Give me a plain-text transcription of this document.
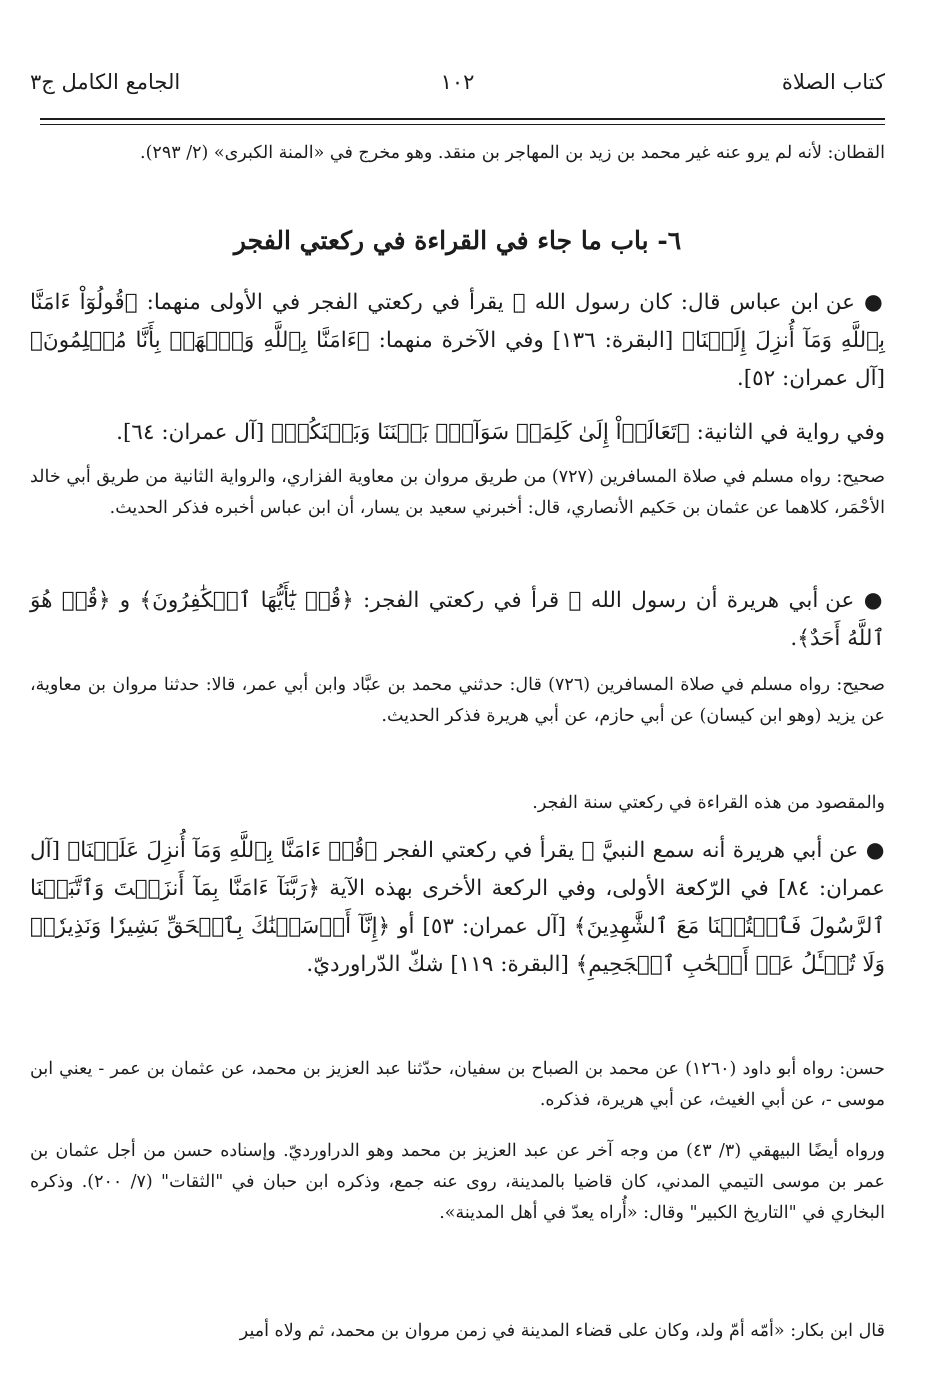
كتاب الصلاة
١٠٢
الجامع الكامل ج٣
القطان: لأنه لم يرو عنه غير محمد بن زيد بن المهاجر بن منقد. وهو مخرج في «المنة الكبرى» (٢/ ٢٩٣).
٦- باب ما جاء في القراءة في ركعتي الفجر
● عن ابن عباس قال: كان رسول الله ﷺ يقرأ في ركعتي الفجر في الأولى منهما: ﴿قُولُوٓاْ ءَامَنَّا بِٱللَّهِ وَمَآ أُنزِلَ إِلَيۡنَا﴾ [البقرة: ١٣٦] وفي الآخرة منهما: ﴿ءَامَنَّا بِٱللَّهِ وَٱشۡهَدۡ بِأَنَّا مُسۡلِمُونَ﴾ [آل عمران: ٥٢].
وفي رواية في الثانية: ﴿تَعَالَوۡاْ إِلَىٰ كَلِمَةٖ سَوَآءِۭ بَيۡنَنَا وَبَيۡنَكُمۡ﴾ [آل عمران: ٦٤].
صحيح: رواه مسلم في صلاة المسافرين (٧٢٧) من طريق مروان بن معاوية الفزاري، والرواية الثانية من طريق أبي خالد الأحْمَر، كلاهما عن عثمان بن حَكيم الأنصاري، قال: أخبرني سعيد بن يسار، أن ابن عباس أخبره فذكر الحديث.
● عن أبي هريرة أن رسول الله ﷺ قرأ في ركعتي الفجر: ﴿قُلۡ يَٰٓأَيُّهَا ٱلۡكَٰفِرُونَ﴾ و ﴿قُلۡ هُوَ ٱللَّهُ أَحَدٌ﴾.
صحيح: رواه مسلم في صلاة المسافرين (٧٢٦) قال: حدثني محمد بن عبَّاد وابن أبي عمر، قالا: حدثنا مروان بن معاوية، عن يزيد (وهو ابن كيسان) عن أبي حازم، عن أبي هريرة فذكر الحديث.
والمقصود من هذه القراءة في ركعتي سنة الفجر.
● عن أبي هريرة أنه سمع النبيَّ ﷺ يقرأ في ركعتي الفجر ﴿قُلۡ ءَامَنَّا بِٱللَّهِ وَمَآ أُنزِلَ عَلَيۡنَا﴾ [آل عمران: ٨٤] في الرّكعة الأولى، وفي الركعة الأخرى بهذه الآية ﴿رَبَّنَآ ءَامَنَّا بِمَآ أَنزَلۡتَ وَٱتَّبَعۡنَا ٱلرَّسُولَ فَٱكۡتُبۡنَا مَعَ ٱلشَّٰهِدِينَ﴾ [آل عمران: ٥٣] أو ﴿إِنَّآ أَرۡسَلۡنَٰكَ بِٱلۡحَقِّ بَشِيرٗا وَنَذِيرٗاۖ وَلَا تُسۡـَٔلُ عَنۡ أَصۡحَٰبِ ٱلۡجَحِيمِ﴾ [البقرة: ١١٩] شكّ الدّراورديّ.
حسن: رواه أبو داود (١٢٦٠) عن محمد بن الصباح بن سفيان، حدّثنا عبد العزيز بن محمد، عن عثمان بن عمر - يعني ابن موسى -، عن أبي الغيث، عن أبي هريرة، فذكره.
ورواه أيضًا البيهقي (٣/ ٤٣) من وجه آخر عن عبد العزيز بن محمد وهو الدراورديّ. وإسناده حسن من أجل عثمان بن عمر بن موسى التيمي المدني، كان قاضيا بالمدينة، روى عنه جمع، وذكره ابن حبان في "الثقات" (٧/ ٢٠٠). وذكره البخاري في "التاريخ الكبير" وقال: «أُراه يعدّ في أهل المدينة».
قال ابن بكار: «أمّه أمّ ولد، وكان على قضاء المدينة في زمن مروان بن محمد، ثم ولاه أمير
